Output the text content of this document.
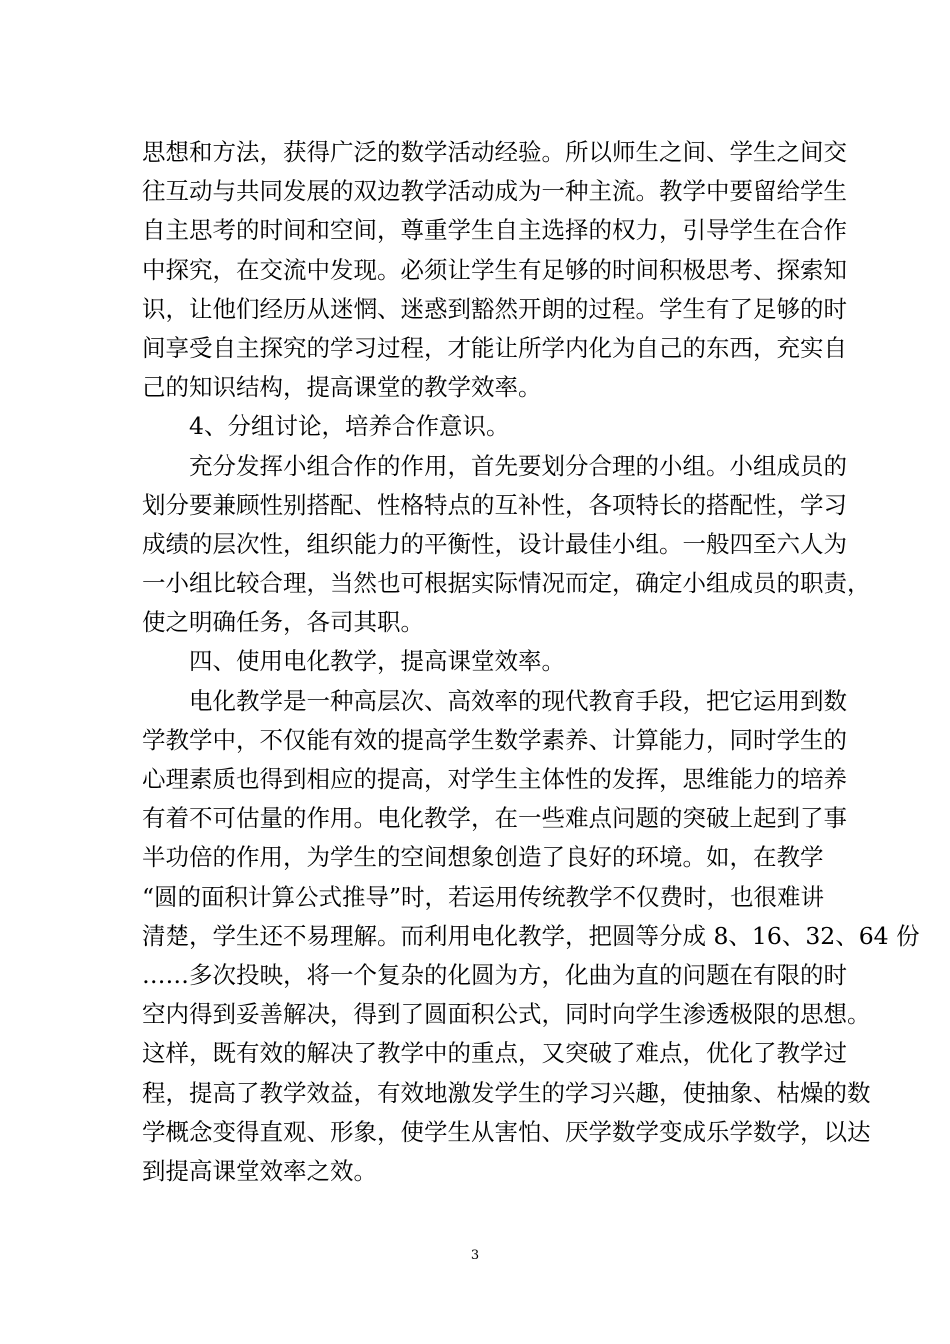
思想和方法，获得广泛的数学活动经验。所以师生之间、学生之间交
往互动与共同发展的双边教学活动成为一种主流。教学中要留给学生
自主思考的时间和空间，尊重学生自主选择的权力，引导学生在合作
中探究，在交流中发现。必须让学生有足够的时间积极思考、探索知
识，让他们经历从迷惘、迷惑到豁然开朗的过程。学生有了足够的时
间享受自主探究的学习过程，才能让所学内化为自己的东西，充实自
己的知识结构，提高课堂的教学效率。
4、分组讨论，培养合作意识。
充分发挥小组合作的作用，首先要划分合理的小组。小组成员的
划分要兼顾性别搭配、性格特点的互补性，各项特长的搭配性，学习
成绩的层次性，组织能力的平衡性，设计最佳小组。一般四至六人为
一小组比较合理，当然也可根据实际情况而定，确定小组成员的职责，
使之明确任务，各司其职。
四、使用电化教学，提高课堂效率。
电化教学是一种高层次、高效率的现代教育手段，把它运用到数
学教学中，不仅能有效的提高学生数学素养、计算能力，同时学生的
心理素质也得到相应的提高，对学生主体性的发挥，思维能力的培养
有着不可估量的作用。电化教学，在一些难点问题的突破上起到了事
半功倍的作用，为学生的空间想象创造了良好的环境。如，在教学
“圆的面积计算公式推导”时，若运用传统教学不仅费时，也很难讲
清楚，学生还不易理解。而利用电化教学，把圆等分成 8、16、32、64 份
……多次投映，将一个复杂的化圆为方，化曲为直的问题在有限的时
空内得到妥善解决，得到了圆面积公式，同时向学生渗透极限的思想。
这样，既有效的解决了教学中的重点，又突破了难点，优化了教学过
程，提高了教学效益，有效地激发学生的学习兴趣，使抽象、枯燥的数
学概念变得直观、形象，使学生从害怕、厌学数学变成乐学数学，以达
到提高课堂效率之效。
3
